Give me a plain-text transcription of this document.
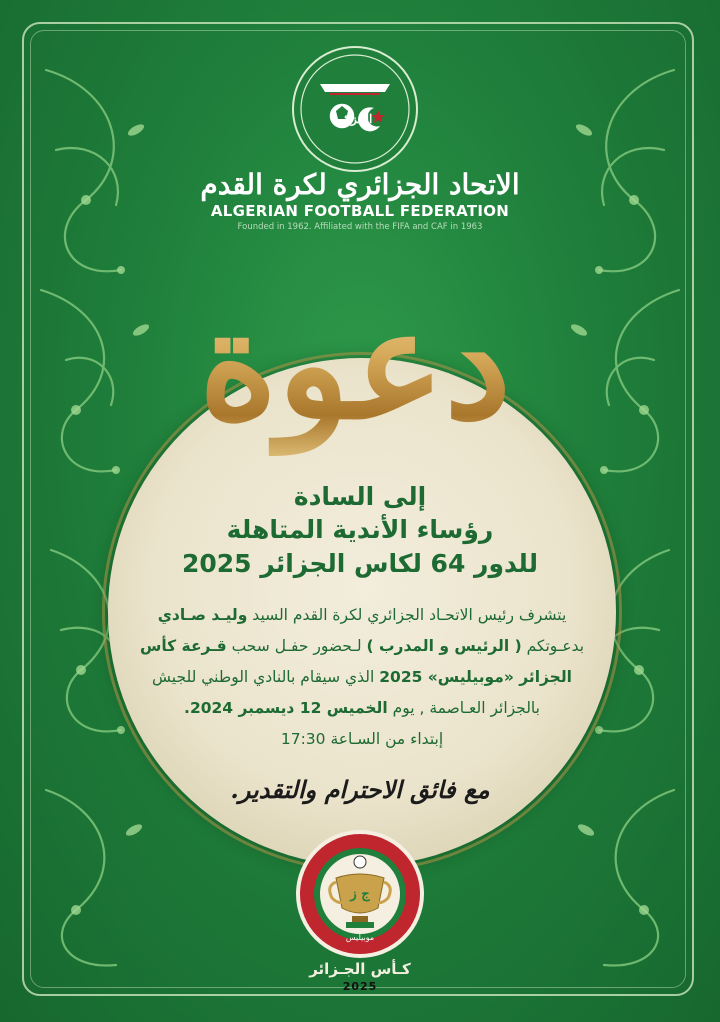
الجزائر
الاتحاد الجزائري لكرة القدم
ALGERIAN FOOTBALL FEDERATION
Founded in 1962. Affiliated with the FIFA and CAF in 1963
دعوة
إلى السادة
رؤساء الأندية المتاهلة
للدور 64 لكاس الجزائر 2025
يتشرف رئيس الاتحـاد الجزائري لكرة القدم السيد وليـد صـادي
بدعـوتكم ( الرئيس و المدرب ) لـحضور حفـل سحب قـرعة كأس
الجزائر «موبيليس» 2025 الذي سيقام بالنادي الوطني للجيش
بالجزائر العـاصمة , يوم الخميس 12 ديسمبر 2024.
إبتداء من السـاعة 17:30
مع فائق الاحترام والتقدير.
ج ز
موبيليس
كـأس الجـزائر
2025
